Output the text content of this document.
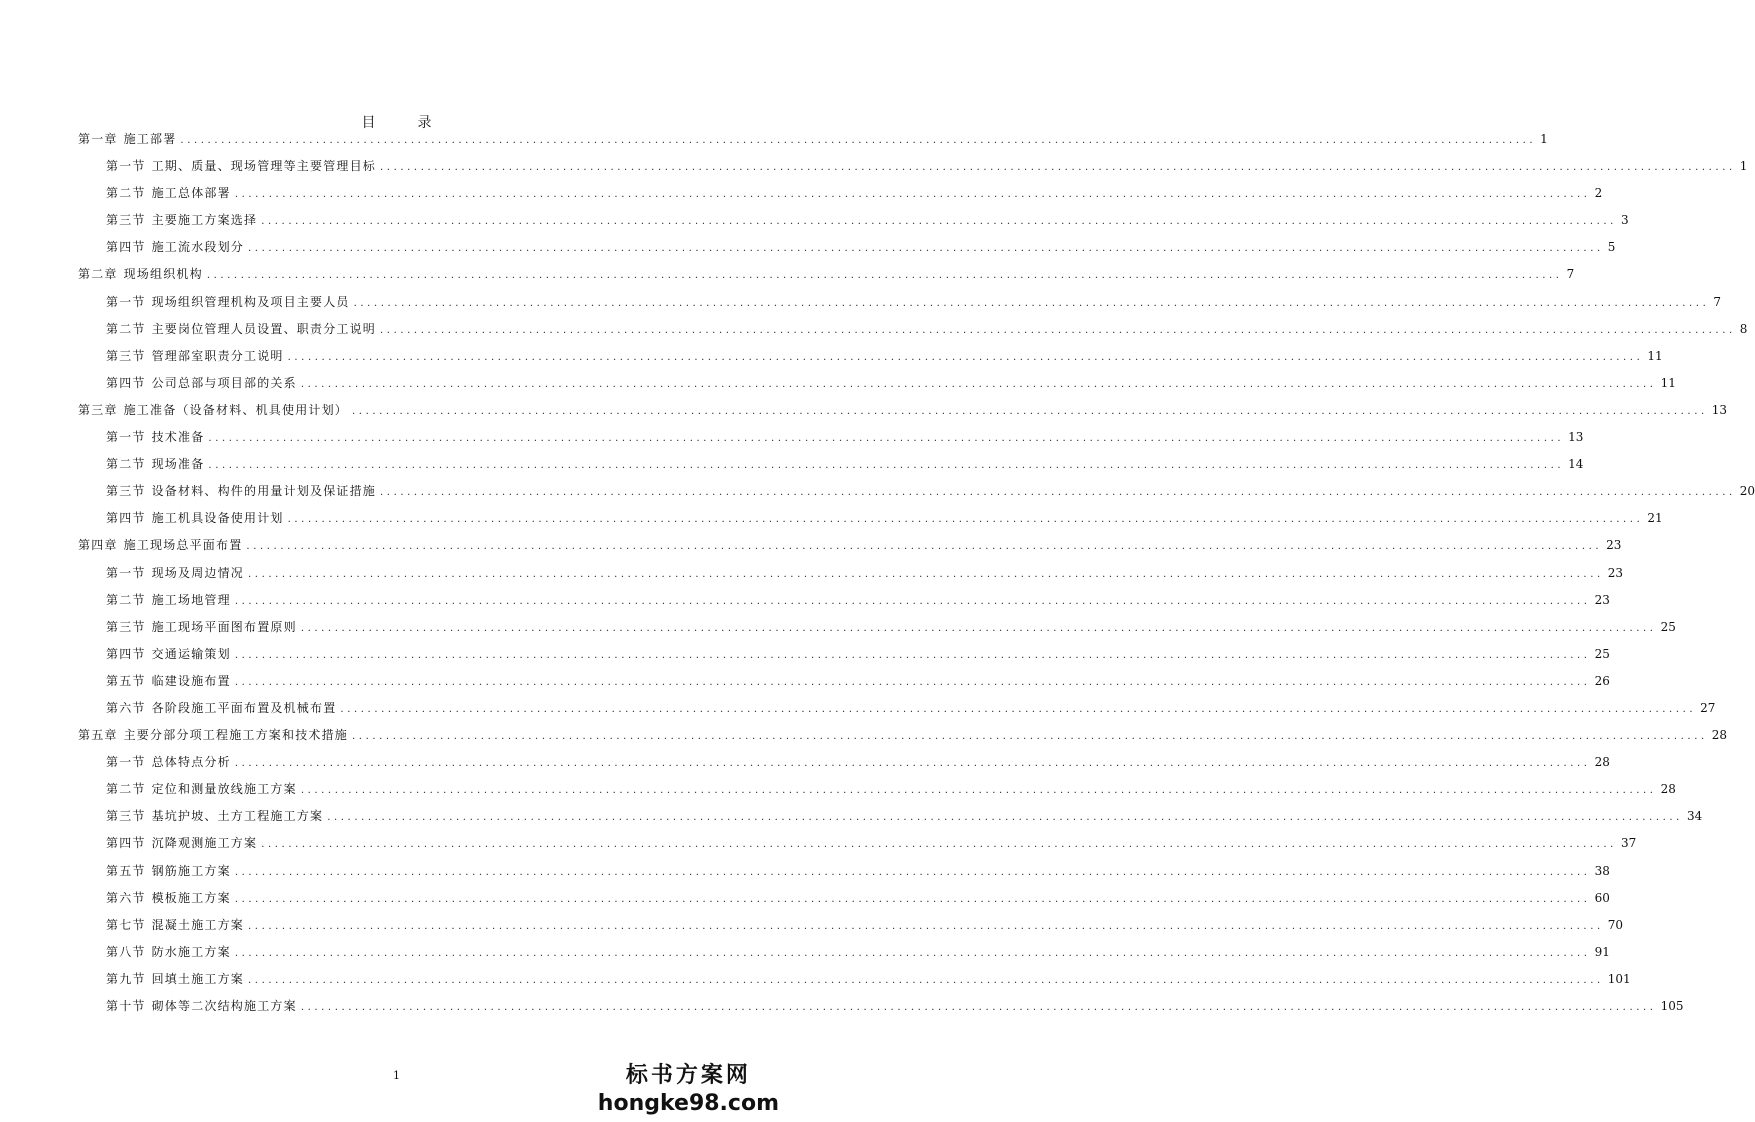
目　录
第一章 施工部署 ........................................................................................................................................................................................................ 1
第一节 工期、质量、现场管理等主要管理目标 ........................................................................................................................................................................................................ 1
第二节 施工总体部署 ........................................................................................................................................................................................................ 2
第三节 主要施工方案选择 ........................................................................................................................................................................................................ 3
第四节 施工流水段划分 ........................................................................................................................................................................................................ 5
第二章 现场组织机构 ........................................................................................................................................................................................................ 7
第一节 现场组织管理机构及项目主要人员 ........................................................................................................................................................................................................ 7
第二节 主要岗位管理人员设置、职责分工说明 ........................................................................................................................................................................................................ 8
第三节 管理部室职责分工说明 ........................................................................................................................................................................................................ 11
第四节 公司总部与项目部的关系 ........................................................................................................................................................................................................ 11
第三章 施工准备（设备材料、机具使用计划） ........................................................................................................................................................................................................ 13
第一节 技术准备 ........................................................................................................................................................................................................ 13
第二节 现场准备 ........................................................................................................................................................................................................ 14
第三节 设备材料、构件的用量计划及保证措施 ........................................................................................................................................................................................................ 20
第四节 施工机具设备使用计划 ........................................................................................................................................................................................................ 21
第四章 施工现场总平面布置 ........................................................................................................................................................................................................ 23
第一节 现场及周边情况 ........................................................................................................................................................................................................ 23
第二节 施工场地管理 ........................................................................................................................................................................................................ 23
第三节 施工现场平面图布置原则 ........................................................................................................................................................................................................ 25
第四节 交通运输策划 ........................................................................................................................................................................................................ 25
第五节 临建设施布置 ........................................................................................................................................................................................................ 26
第六节 各阶段施工平面布置及机械布置 ........................................................................................................................................................................................................ 27
第五章 主要分部分项工程施工方案和技术措施 ........................................................................................................................................................................................................ 28
第一节 总体特点分析 ........................................................................................................................................................................................................ 28
第二节 定位和测量放线施工方案 ........................................................................................................................................................................................................ 28
第三节 基坑护坡、土方工程施工方案 ........................................................................................................................................................................................................ 34
第四节 沉降观测施工方案 ........................................................................................................................................................................................................ 37
第五节 钢筋施工方案 ........................................................................................................................................................................................................ 38
第六节 模板施工方案 ........................................................................................................................................................................................................ 60
第七节 混凝土施工方案 ........................................................................................................................................................................................................ 70
第八节 防水施工方案 ........................................................................................................................................................................................................ 91
第九节 回填土施工方案 ........................................................................................................................................................................................................ 101
第十节 砌体等二次结构施工方案 ........................................................................................................................................................................................................ 105
1	标书方案网
hongke98.com
